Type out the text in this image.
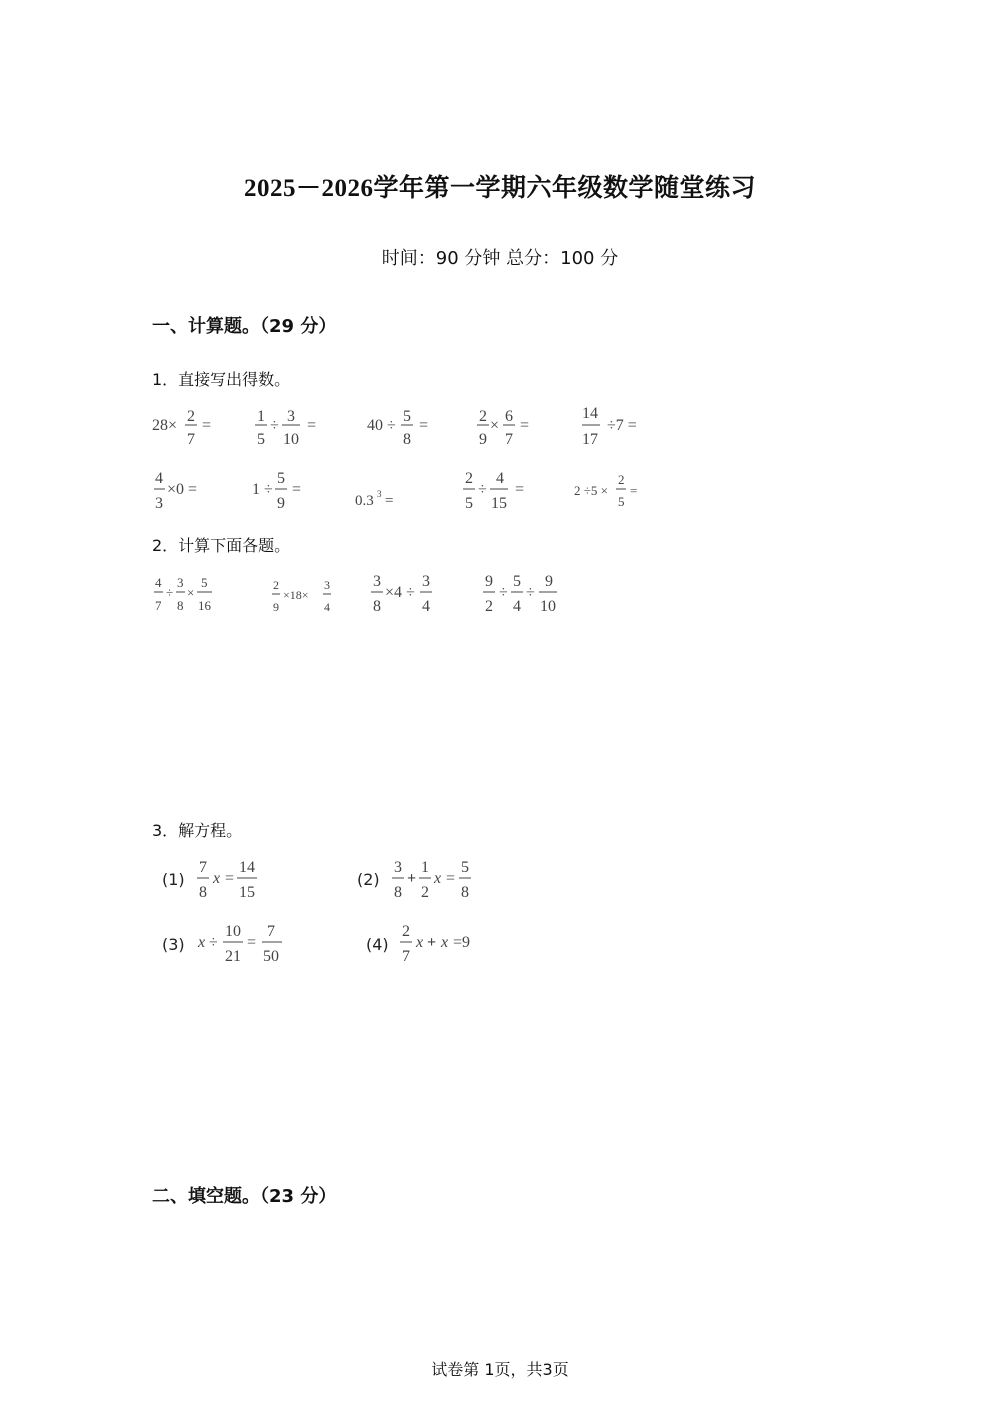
2025－2026学年第一学期六年级数学随堂练习
时间：90 分钟 总分：100 分
一、计算题。（29 分）
1．直接写出得数。
28×
2
7
=
1
5
÷
3
10
=	40 ÷
5
8
=
2
9
×
6
7
=
14
17
÷7 =
4
3
×0 =	1 ÷
5
9
=
0.3 3 =
2
5
÷
4
15
=	2 ÷5 ×
2
5
=
2．计算下面各题。
4
7
÷
3
8
×
5
16
2
9
×18×
3
4
3
8
×4 ÷
3
4
9
2
÷
5
4
÷
9
10
3．解方程。
(1)
7
8
x =
14
15
(2)
3
8
+
1
2
x =
5
8
(3) x ÷
10
21
=
7
50
(4)
2
7
x + x =9
二、填空题。（23 分）
试卷第 1页，共3页
